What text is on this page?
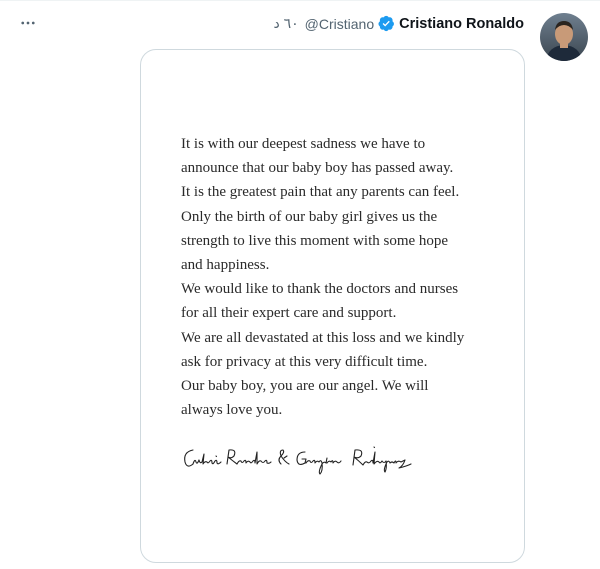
٦٠ د @Cristiano Cristiano Ronaldo

It is with our deepest sadness we have to

announce that our baby boy has passed away.

It is the greatest pain that any parents can feel.

Only the birth of our baby girl gives us the

strength to live this moment with some hope

and happiness.

We would like to thank the doctors and nurses

for all their expert care and support.

We are all devastated at this loss and we kindly

ask for privacy at this very difficult time.

Our baby boy, you are our angel. We will

always love you.
